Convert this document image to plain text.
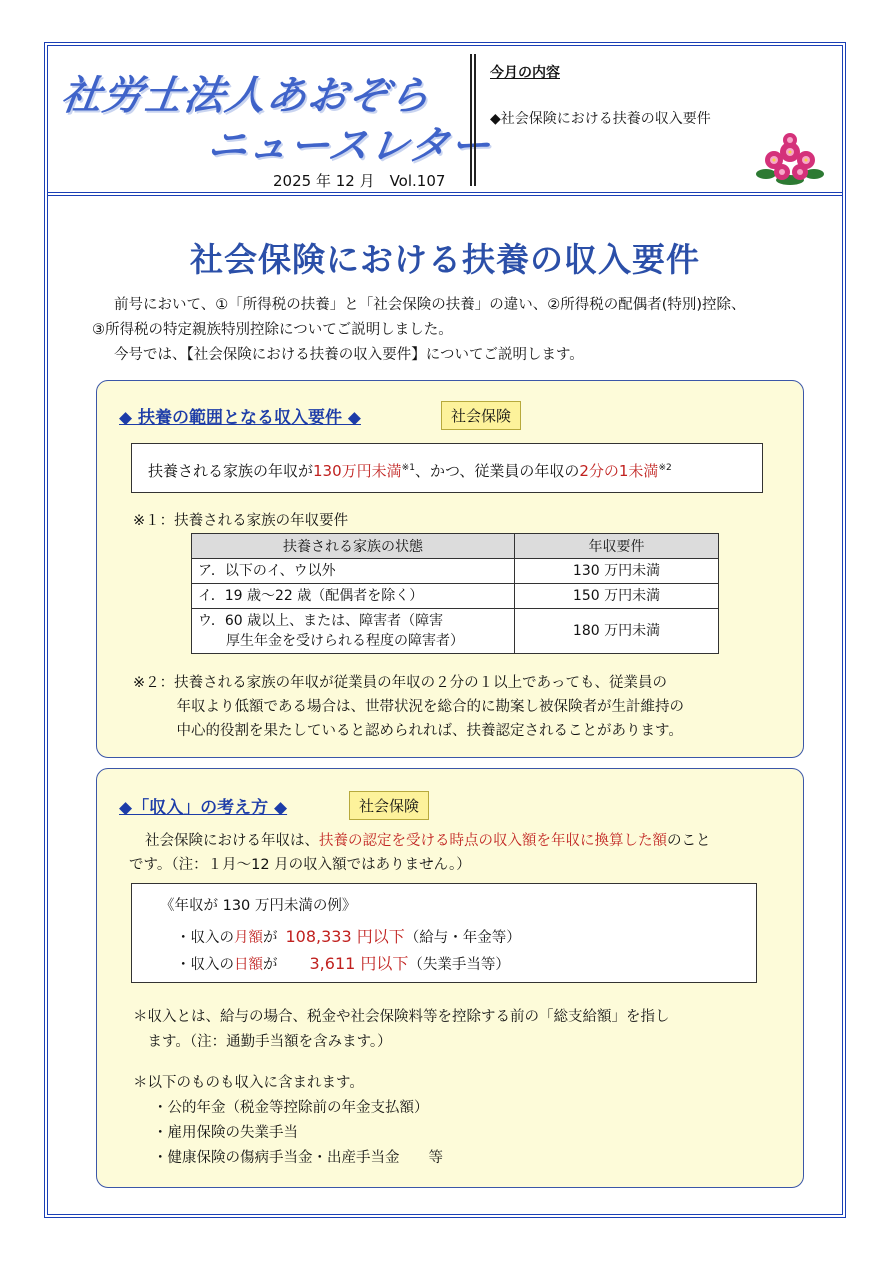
社労士法人あおぞら
ニュースレター
2025 年 12 月　Vol.107
今月の内容
◆社会保険における扶養の収入要件
社会保険における扶養の収入要件

前号において、①「所得税の扶養」と「社会保険の扶養」の違い、②所得税の配偶者(特別)控除、

③所得税の特定親族特別控除についてご説明しました。

今号では、【社会保険における扶養の収入要件】についてご説明します。

◆ 扶養の範囲となる収入要件 ◆	社会保険
扶養される家族の年収が130万円未満$^{※1}$、かつ、従業員の年収の2分の1未満$^{※2}$
※１：扶養される家族の年収要件
扶養される家族の状態	年収要件
ア．以下のイ、ウ以外	130 万円未満
イ．19 歳～22 歳（配偶者を除く）	150 万円未満

ウ．60 歳以上、または、障害者（障害
　　厚生年金を受けられる程度の障害者）	180 万円未満
※２：扶養される家族の年収が従業員の年収の２分の１以上であっても、従業員の
　　　年収より低額である場合は、世帯状況を総合的に勘案し被保険者が生計維持の
　　　中心的役割を果たしていると認められれば、扶養認定されることがあります。
◆「収入」の考え方 ◆	社会保険
社会保険における年収は、扶養の認定を受ける時点の収入額を年収に換算した額のこと
です。（注：１月～12 月の収入額ではありません。）
《年収が 130 万円未満の例》
・収入の月額が 108,333 円以下（給与・年金等）
・収入の日額が 3,611 円以下（失業手当等）
＊収入とは、給与の場合、税金や社会保険料等を控除する前の「総支給額」を指し
　ます。（注：通勤手当額を含みます。）
＊以下のものも収入に含まれます。
・公的年金（税金等控除前の年金支払額）
・雇用保険の失業手当
・健康保険の傷病手当金・出産手当金　　等
